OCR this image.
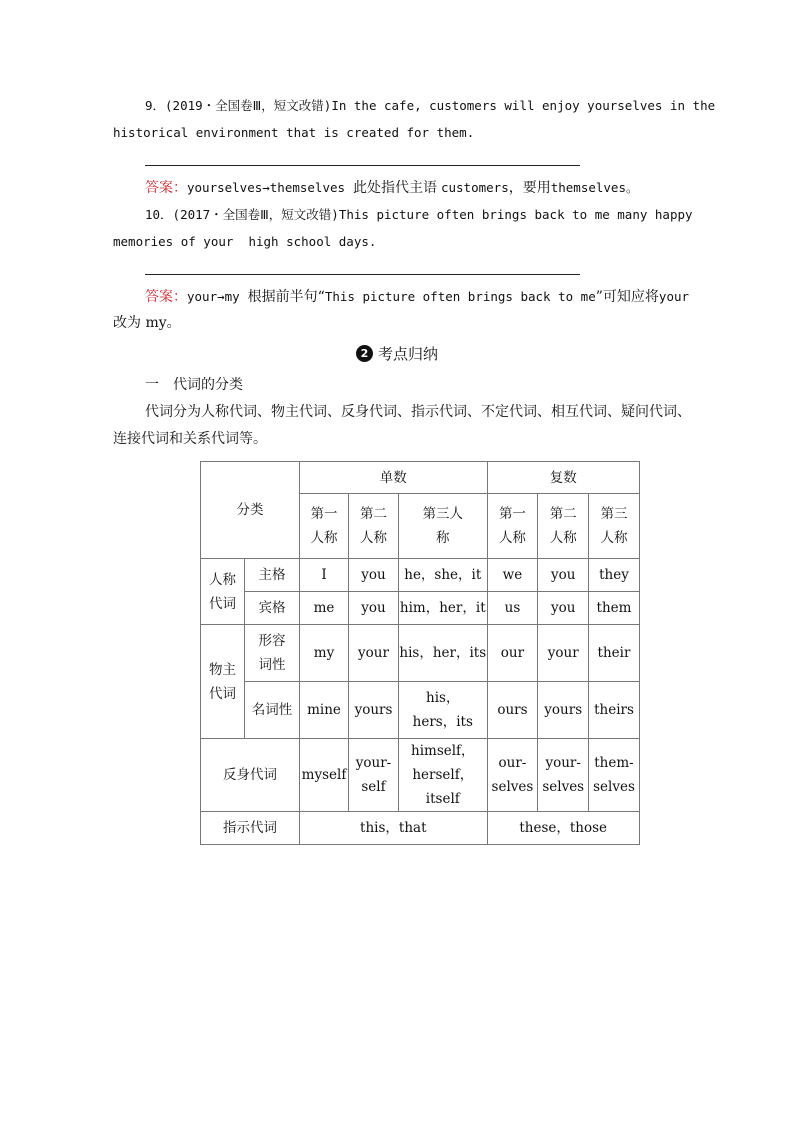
9．(2019・全国卷Ⅲ，短文改错)In the cafe, customers will enjoy yourselves in the
historical environment that is created for them.
答案：yourselves→themselves 此处指代主语 customers，要用themselves。
10．(2017・全国卷Ⅲ，短文改错)This picture often brings back to me many happy
memories of your  high school days.
答案：your→my 根据前半句“This picture often brings back to me”可知应将your
改为 my。
2 考点归纳
一　代词的分类
代词分为人称代词、物主代词、反身代词、指示代词、不定代词、相互代词、疑问代词、
连接代词和关系代词等。
分类		单数			复数		
		第一人称	第二人称	第三人称	第一人称	第二人称	第三人称
人称代词	主格	I	you	he，she，it	we	you	they
	宾格	me	you	him，her，it	us	you	them
物主代词	形容词性	my	your	his，her，its	our	your	their
	名词性	mine	yours	his，hers，its	ours	yours	theirs
反身代词		myself	your-self	himself，herself，itself	our-selves	your-selves	them-selves
指示代词		this，that			these，those		
